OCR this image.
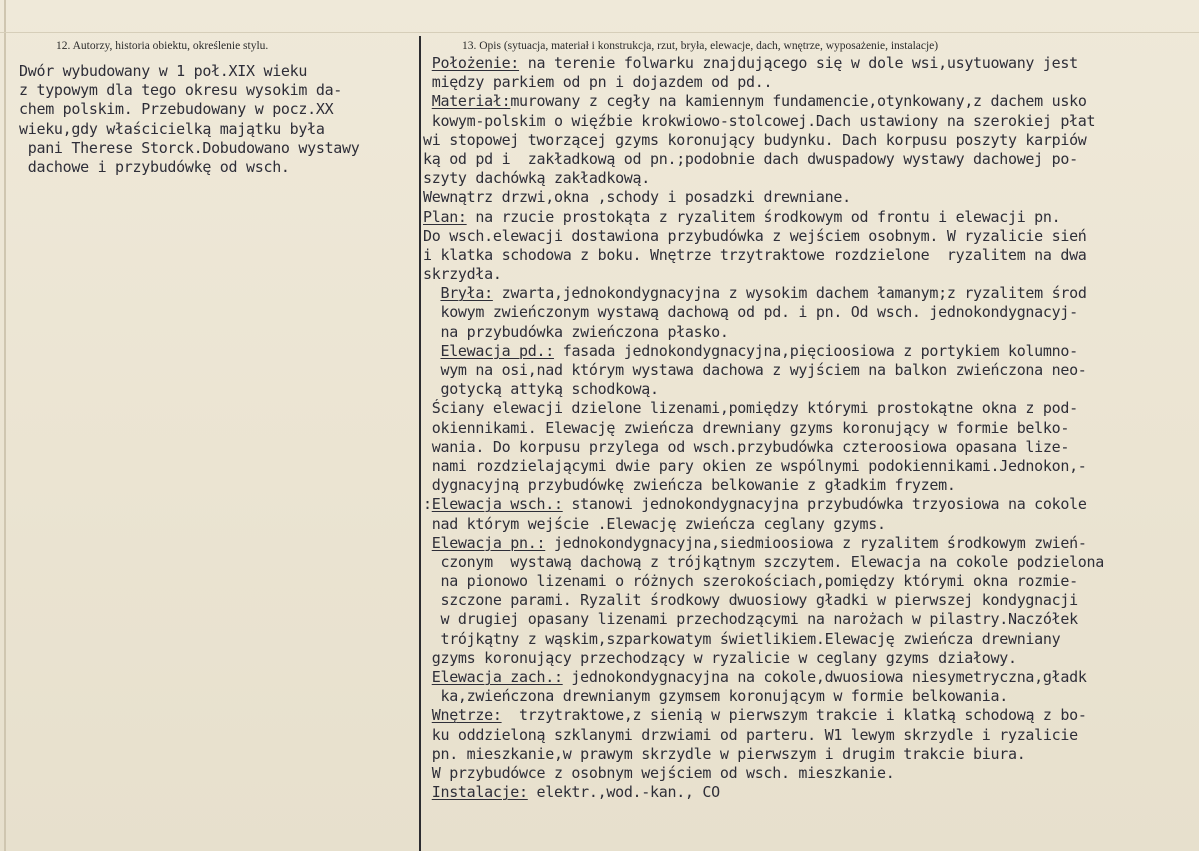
12. Autorzy, historia obiektu, określenie stylu.	13. Opis (sytuacja, materiał i konstrukcja, rzut, bryła, elewacje, dach, wnętrze, wyposażenie, instalacje)
Dwór wybudowany w 1 poł.XIX wieku
z typowym dla tego okresu wysokim da-
chem polskim. Przebudowany w pocz.XX
wieku,gdy właścicielką majątku była
pani Therese Storck.Dobudowano wystawy
dachowe i przybudówkę od wsch.
Położenie: na terenie folwarku znajdującego się w dole wsi,usytuowany jest
między parkiem od pn i dojazdem od pd..
Materiał:murowany z cegły na kamiennym fundamencie,otynkowany,z dachem usko
kowym-polskim o więźbie krokwiowo-stolcowej.Dach ustawiony na szerokiej płat
wi stopowej tworzącej gzyms koronujący budynku. Dach korpusu poszyty karpiów
ką od pd i  zakładkową od pn.;podobnie dach dwuspadowy wystawy dachowej po-
szyty dachówką zakładkową.
Wewnątrz drzwi,okna ,schody i posadzki drewniane.
Plan: na rzucie prostokąta z ryzalitem środkowym od frontu i elewacji pn.
Do wsch.elewacji dostawiona przybudówka z wejściem osobnym. W ryzalicie sień
i klatka schodowa z boku. Wnętrze trzytraktowe rozdzielone  ryzalitem na dwa
skrzydła.
Bryła: zwarta,jednokondygnacyjna z wysokim dachem łamanym;z ryzalitem środ
kowym zwieńczonym wystawą dachową od pd. i pn. Od wsch. jednokondygnacyj-
na przybudówka zwieńczona płasko.
Elewacja pd.: fasada jednokondygnacyjna,pięcioosiowa z portykiem kolumno-
wym na osi,nad którym wystawa dachowa z wyjściem na balkon zwieńczona neo-
gotycką attyką schodkową.
Ściany elewacji dzielone lizenami,pomiędzy którymi prostokątne okna z pod-
okiennikami. Elewację zwieńcza drewniany gzyms koronujący w formie belko-
wania. Do korpusu przylega od wsch.przybudówka czteroosiowa opasana lize-
nami rozdzielającymi dwie pary okien ze wspólnymi podokiennikami.Jednokon,-
dygnacyjną przybudówkę zwieńcza belkowanie z gładkim fryzem.
:Elewacja wsch.: stanowi jednokondygnacyjna przybudówka trzyosiowa na cokole
nad którym wejście .Elewację zwieńcza ceglany gzyms.
Elewacja pn.: jednokondygnacyjna,siedmioosiowa z ryzalitem środkowym zwień-
czonym  wystawą dachową z trójkątnym szczytem. Elewacja na cokole podzielona
na pionowo lizenami o różnych szerokościach,pomiędzy którymi okna rozmie-
szczone parami. Ryzalit środkowy dwuosiowy gładki w pierwszej kondygnacji
w drugiej opasany lizenami przechodzącymi na narożach w pilastry.Naczółek
trójkątny z wąskim,szparkowatym świetlikiem.Elewację zwieńcza drewniany
gzyms koronujący przechodzący w ryzalicie w ceglany gzyms działowy.
Elewacja zach.: jednokondygnacyjna na cokole,dwuosiowa niesymetryczna,gładk
ka,zwieńczona drewnianym gzymsem koronującym w formie belkowania.
Wnętrze:  trzytraktowe,z sienią w pierwszym trakcie i klatką schodową z bo-
ku oddzieloną szklanymi drzwiami od parteru. W1 lewym skrzydle i ryzalicie
pn. mieszkanie,w prawym skrzydle w pierwszym i drugim trakcie biura.
W przybudówce z osobnym wejściem od wsch. mieszkanie.
Instalacje: elektr.,wod.-kan., CO
